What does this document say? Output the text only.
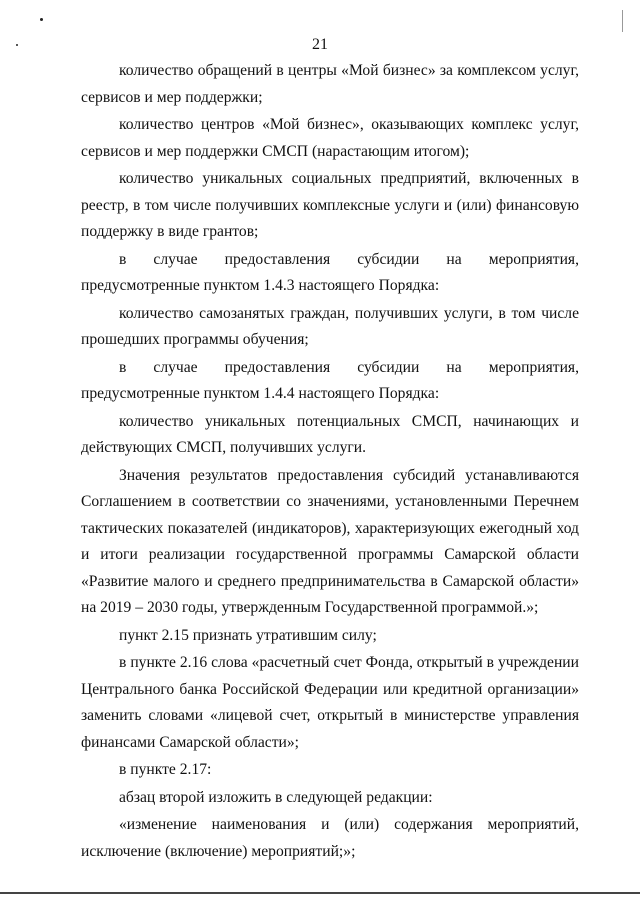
21

количество обращений в центры «Мой бизнес» за комплексом услуг, сервисов и мер поддержки;

количество центров «Мой бизнес», оказывающих комплекс услуг, сервисов и мер поддержки СМСП (нарастающим итогом);

количество уникальных социальных предприятий, включенных в реестр, в том числе получивших комплексные услуги и (или) финансовую поддержку в виде грантов;

в случае предоставления субсидии на мероприятия, предусмотренные пунктом 1.4.3 настоящего Порядка:

количество самозанятых граждан, получивших услуги, в том числе прошедших программы обучения;

в случае предоставления субсидии на мероприятия, предусмотренные пунктом 1.4.4 настоящего Порядка:

количество уникальных потенциальных СМСП, начинающих и действующих СМСП, получивших услуги.

Значения результатов предоставления субсидий устанавливаются Соглашением в соответствии со значениями, установленными Перечнем тактических показателей (индикаторов), характеризующих ежегодный ход и итоги реализации государственной программы Самарской области «Развитие малого и среднего предпринимательства в Самарской области» на 2019 – 2030 годы, утвержденным Государственной программой.»;

пункт 2.15 признать утратившим силу;

в пункте 2.16 слова «расчетный счет Фонда, открытый в учреждении Центрального банка Российской Федерации или кредитной организации» заменить словами «лицевой счет, открытый в министерстве управления финансами Самарской области»;

в пункте 2.17:

абзац второй изложить в следующей редакции:

«изменение наименования и (или) содержания мероприятий, исключение (включение) мероприятий;»;
